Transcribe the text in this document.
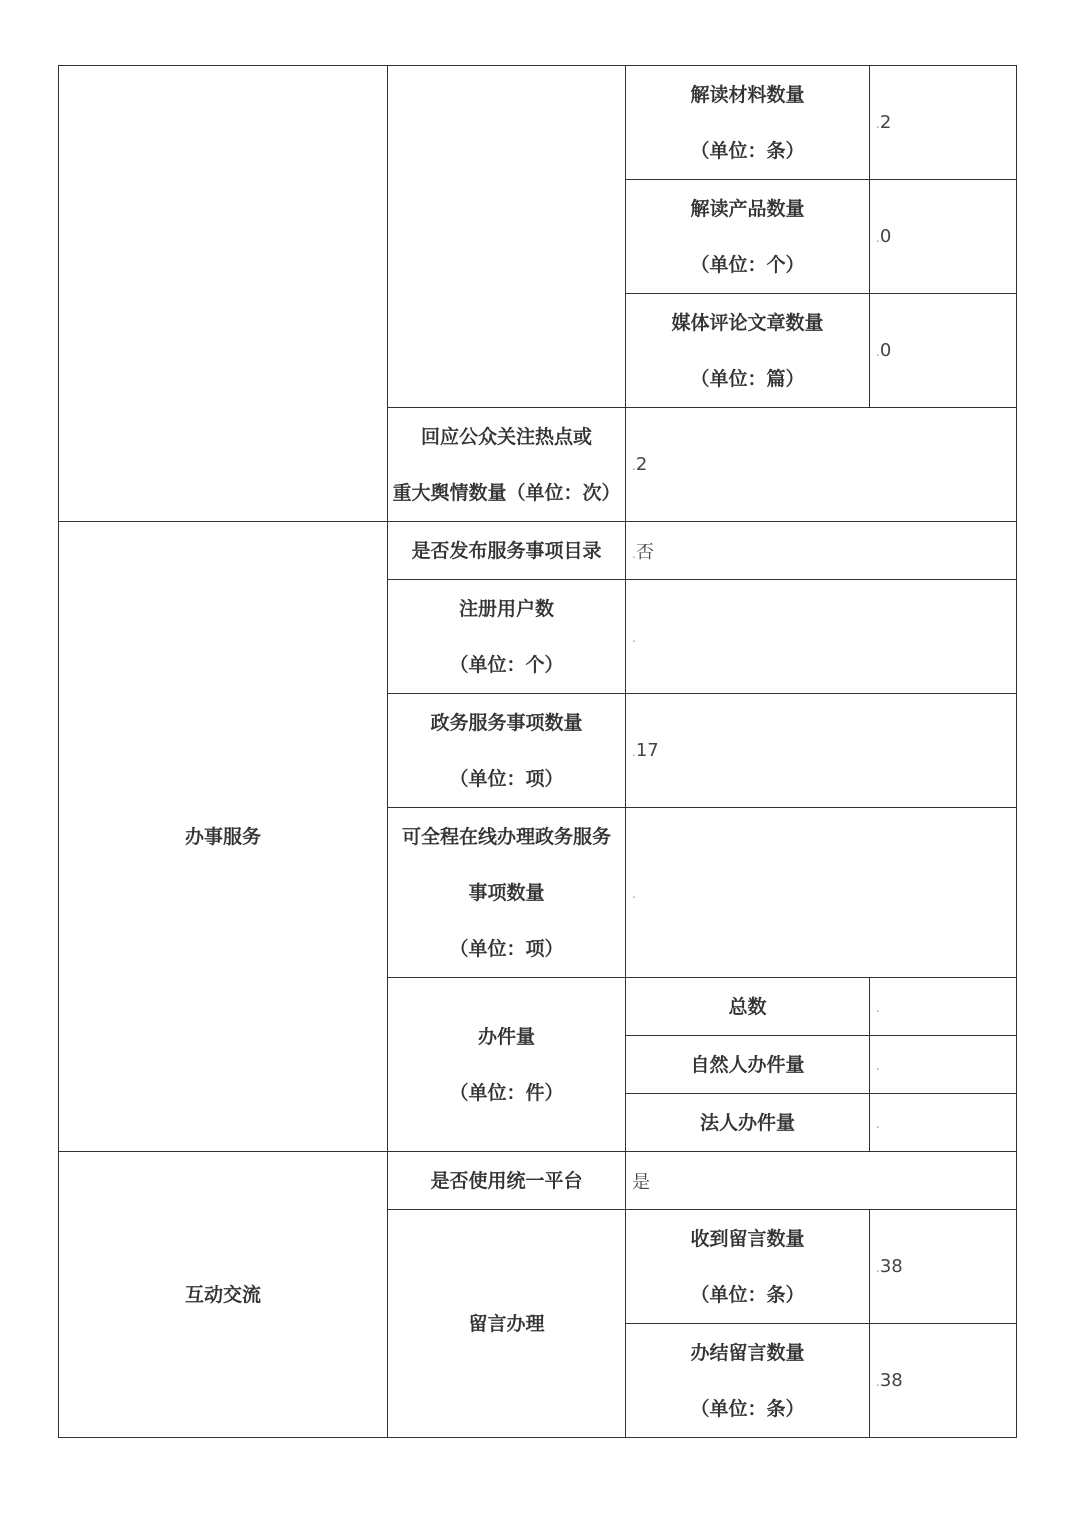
		解读材料数量
（单位：条）
	.2

		解读产品数量
（单位：个）
	.0

		媒体评论文章数量
（单位：篇）
	.0

	回应公众关注热点或
重大舆情数量（单位：次）
	.2

办事服务	是否发布服务事项目录
	.否

	注册用户数
（单位：个）
	.

	政务服务事项数量
（单位：项）
	.17

	可全程在线办理政务服务
事项数量
（单位：项）
	.

	办件量
（单位：件）	总数
	.

		自然人办件量
	.

		法人办件量
	.

互动交流	是否使用统一平台	是	

	留言办理	收到留言数量
（单位：条）
	.38

		办结留言数量
（单位：条）
	.38
